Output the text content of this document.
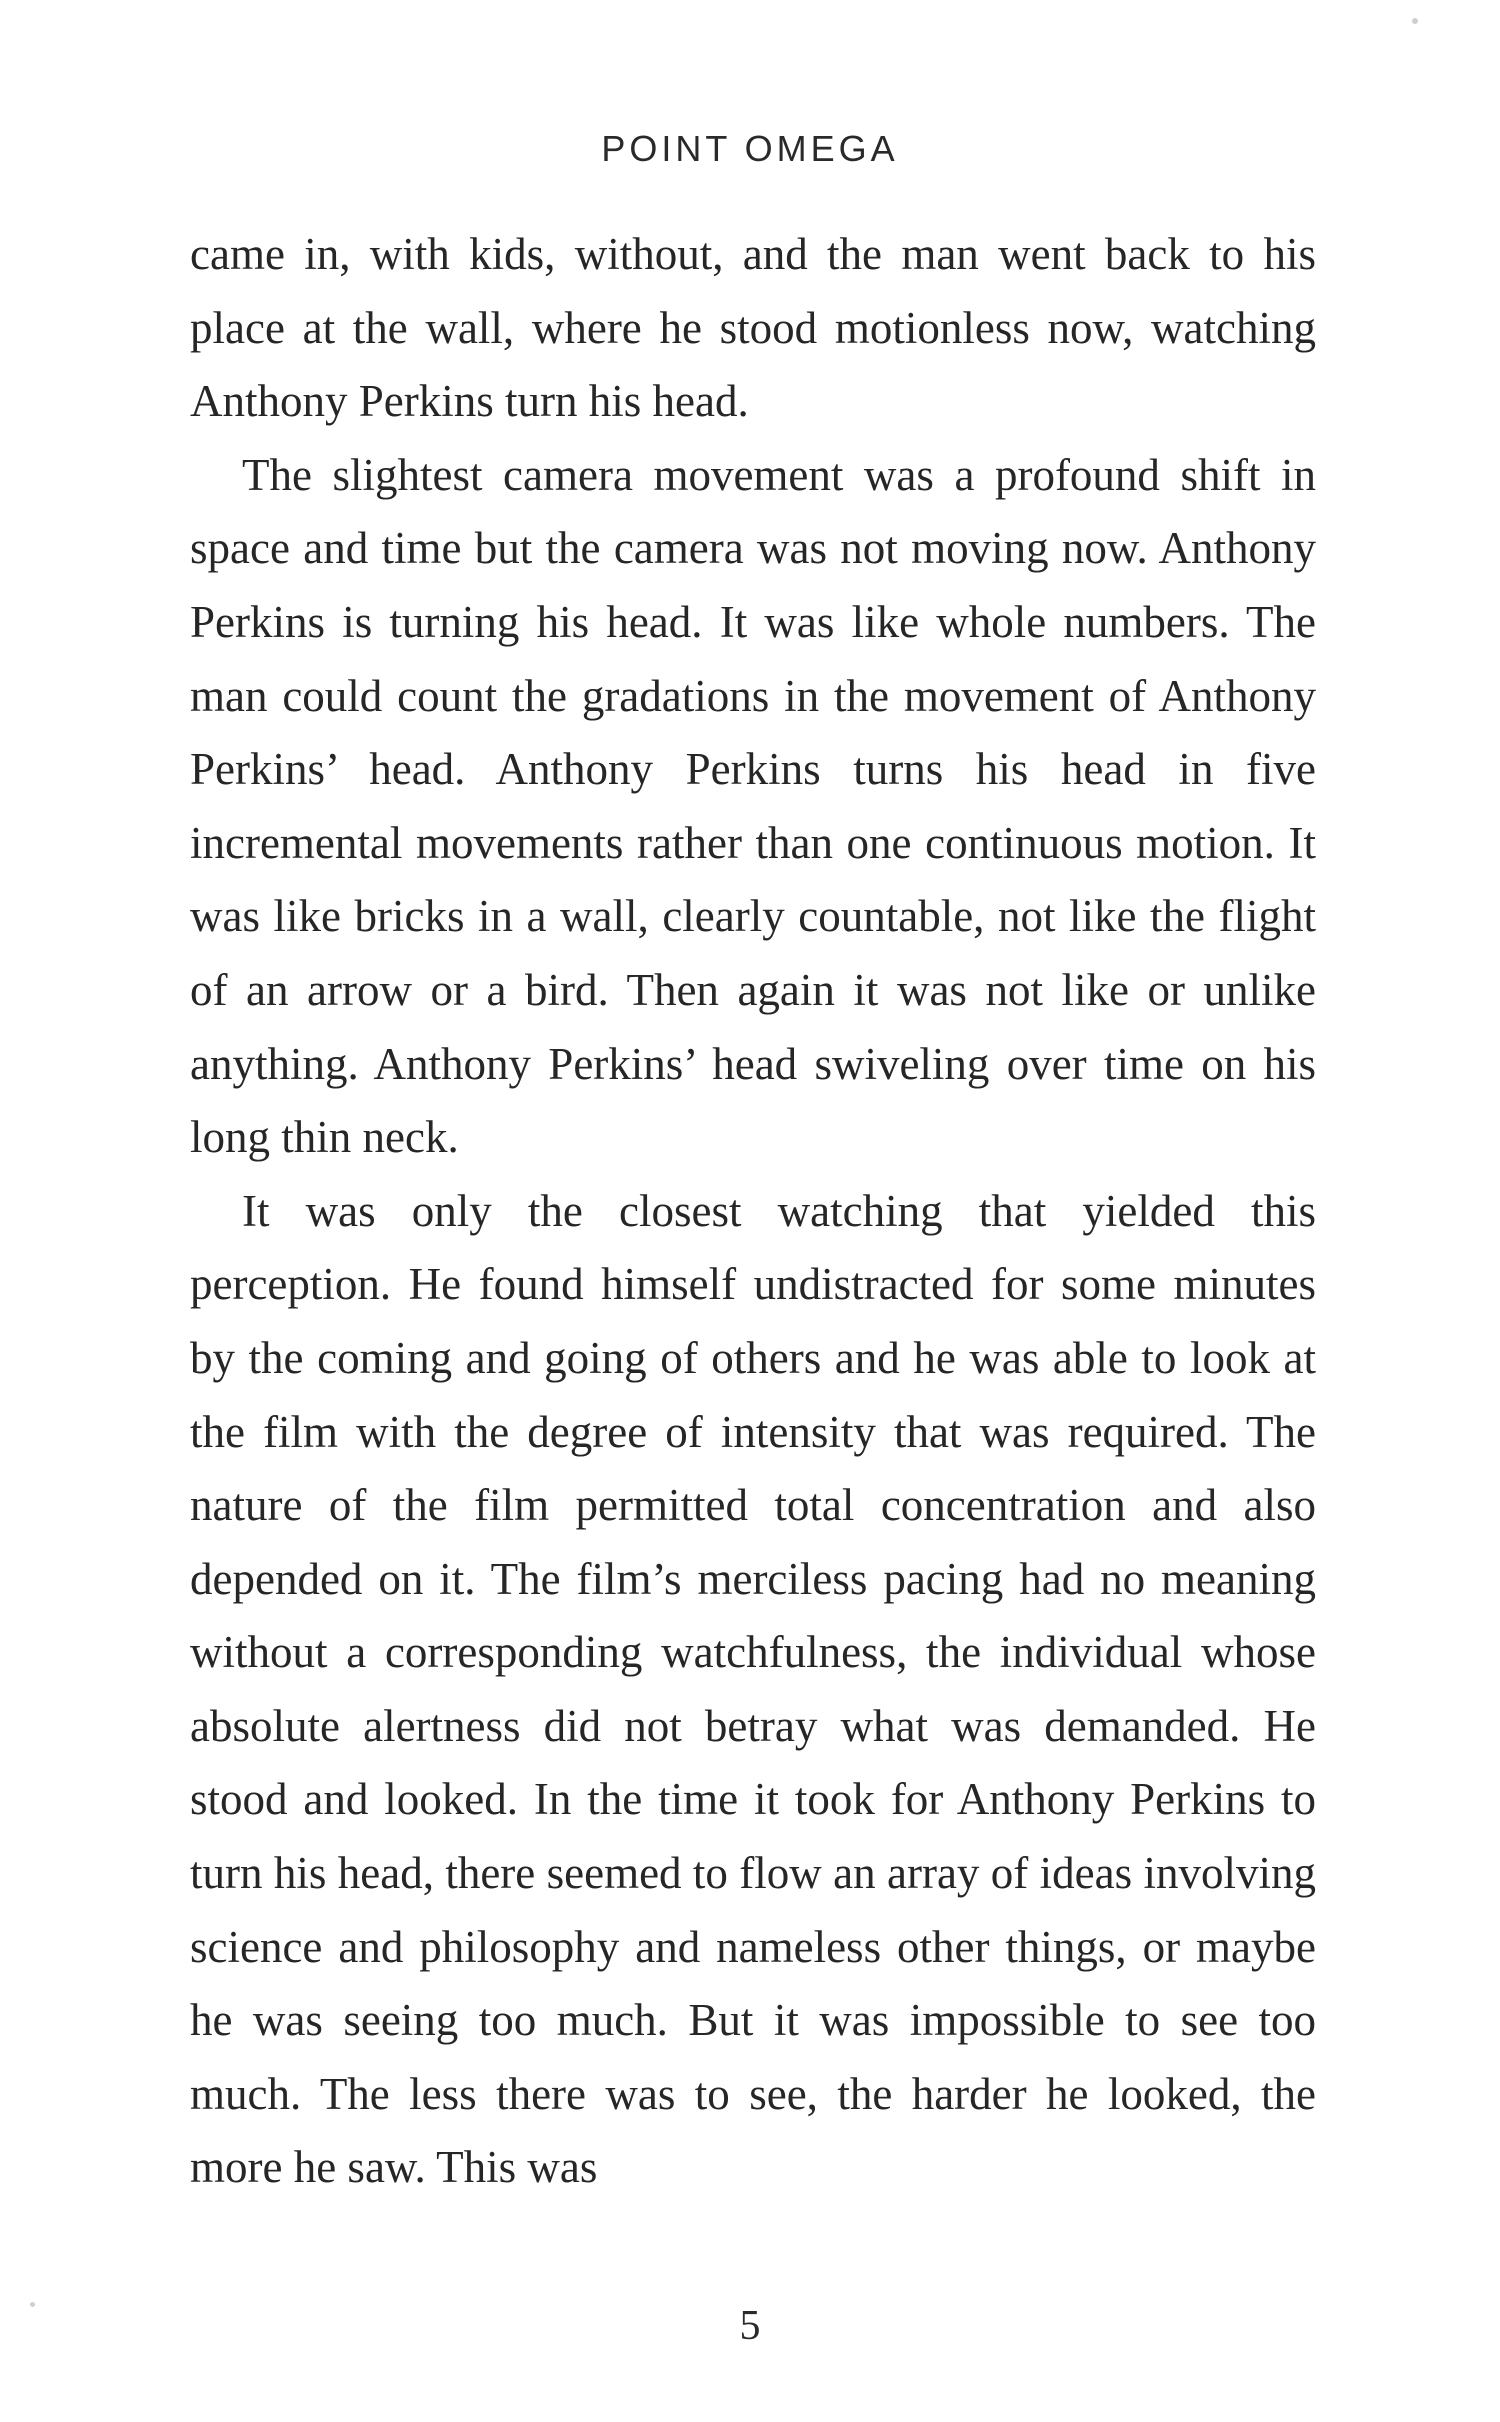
POINT OMEGA

came in, with kids, without, and the man went back to his place at the wall, where he stood motionless now, watching Anthony Perkins turn his head.

The slightest camera movement was a profound shift in space and time but the camera was not moving now. Anthony Perkins is turning his head. It was like whole numbers. The man could count the gradations in the movement of Anthony Perkins’ head. Anthony Perkins turns his head in five incremental movements rather than one continuous motion. It was like bricks in a wall, clearly countable, not like the flight of an arrow or a bird. Then again it was not like or unlike anything. Anthony Perkins’ head swiveling over time on his long thin neck.

It was only the closest watching that yielded this perception. He found himself undistracted for some minutes by the coming and going of others and he was able to look at the film with the degree of intensity that was required. The nature of the film permitted total concentration and also depended on it. The film’s merciless pacing had no meaning without a corresponding watchfulness, the individual whose absolute alertness did not betray what was demanded. He stood and looked. In the time it took for Anthony Perkins to turn his head, there seemed to flow an array of ideas involving science and philosophy and nameless other things, or maybe he was seeing too much. But it was impossible to see too much. The less there was to see, the harder he looked, the more he saw. This was

5
